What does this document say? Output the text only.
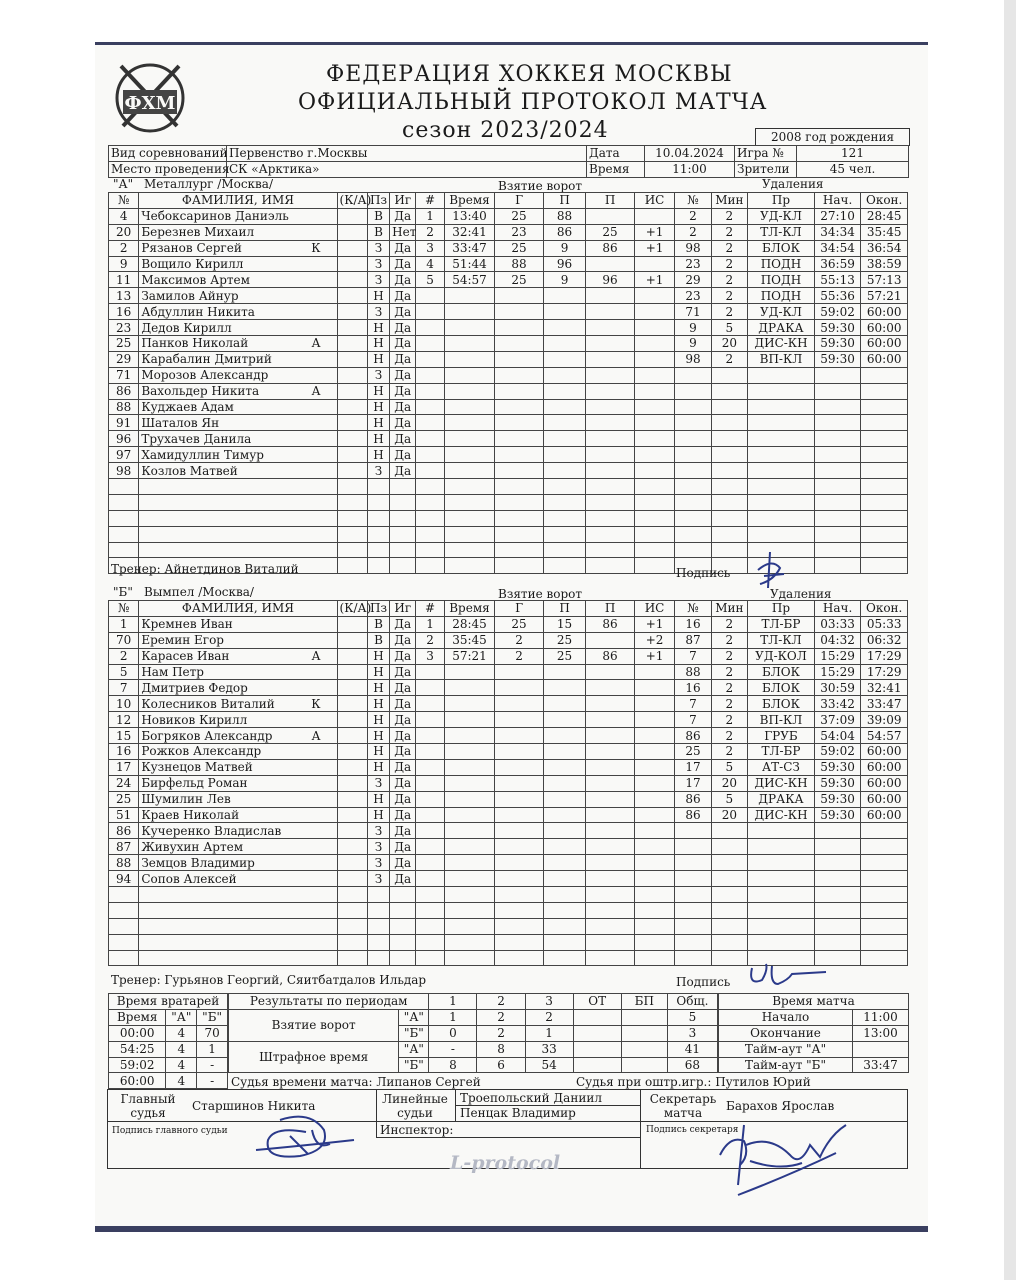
ФХМ
ФЕДЕРАЦИЯ ХОККЕЯ МОСКВЫ
ОФИЦИАЛЬНЫЙ ПРОТОКОЛ МАТЧА
сезон 2023/2024	2008 год рождения
Вид соревнований	Первенство г.Москвы	Дата	10.04.2024	Игра №	121
Место проведения	СК «Арктика»	Время	11:00	Зрители	45 чел.
"А" Металлург /Москва/	Взятие ворот	Удаления
№	ФАМИЛИЯ, ИМЯ	(К/А)	Пз	Иг	#	Время	Г	П	П	ИС	№	Мин	Пр	Нач.	Окон.
4	Чебоксаринов Даниэль		В	Да	1	13:40	25	88			2	2	УД-КЛ	27:10	28:45
20	Березнев Михаил		В	Нет	2	32:41	23	86	25	+1	2	2	ТЛ-КЛ	34:34	35:45
2	Рязанов Сергей К		З	Да	3	33:47	25	9	86	+1	98	2	БЛОК	34:54	36:54
9	Вощило Кирилл		З	Да	4	51:44	88	96			23	2	ПОДН	36:59	38:59
11	Максимов Артем		З	Да	5	54:57	25	9	96	+1	29	2	ПОДН	55:13	57:13
13	Замилов Айнур		Н	Да							23	2	ПОДН	55:36	57:21
16	Абдуллин Никита		З	Да							71	2	УД-КЛ	59:02	60:00
23	Дедов Кирилл		Н	Да							9	5	ДРАКА	59:30	60:00
25	Панков Николай А		Н	Да							9	20	ДИС-КН	59:30	60:00
29	Карабалин Дмитрий		Н	Да							98	2	ВП-КЛ	59:30	60:00
71	Морозов Александр		З	Да											
86	Вахольдер Никита А		Н	Да											
88	Куджаев Адам		Н	Да											
91	Шаталов Ян		Н	Да											
96	Трухачев Данила		Н	Да											
97	Хамидуллин Тимур		Н	Да											
98	Козлов Матвей		З	Да											

Тренер: Айнетдинов Виталий	Подпись
"Б" Вымпел /Москва/	Взятие ворот	Удаления
№	ФАМИЛИЯ, ИМЯ	(К/А)	Пз	Иг	#	Время	Г	П	П	ИС	№	Мин	Пр	Нач.	Окон.
1	Кремнев Иван		В	Да	1	28:45	25	15	86	+1	16	2	ТЛ-БР	03:33	05:33
70	Еремин Егор		В	Да	2	35:45	2	25		+2	87	2	ТЛ-КЛ	04:32	06:32
2	Карасев Иван А		Н	Да	3	57:21	2	25	86	+1	7	2	УД-КОЛ	15:29	17:29
5	Нам Петр		Н	Да							88	2	БЛОК	15:29	17:29
7	Дмитриев Федор		Н	Да							16	2	БЛОК	30:59	32:41
10	Колесников Виталий К		Н	Да							7	2	БЛОК	33:42	33:47
12	Новиков Кирилл		Н	Да							7	2	ВП-КЛ	37:09	39:09
15	Богряков Александр А		Н	Да							86	2	ГРУБ	54:04	54:57
16	Рожков Александр		Н	Да							25	2	ТЛ-БР	59:02	60:00
17	Кузнецов Матвей		Н	Да							17	5	АТ-СЗ	59:30	60:00
24	Бирфельд Роман		З	Да							17	20	ДИС-КН	59:30	60:00
25	Шумилин Лев		Н	Да							86	5	ДРАКА	59:30	60:00
51	Краев Николай		Н	Да							86	20	ДИС-КН	59:30	60:00
86	Кучеренко Владислав		З	Да											
87	Живухин Артем		З	Да											
88	Земцов Владимир		З	Да											
94	Сопов Алексей		З	Да											

Тренер: Гурьянов Георгий, Сяитбатдалов Ильдар	Подпись
Время вратарей		
Время	"А"	"Б"
00:00	4	70
54:25	4	1
59:02	4	-
60:00	4	-
Результаты по периодам		1	2	3	ОТ	БП	Общ.
Взятие ворот	"А"	1	2	2			5
	"Б"	0	2	1			3
Штрафное время	"А"	-	8	33			41
	"Б"	8	6	54			68
Время матча	
Начало	11:00
Окончание	13:00
Тайм-аут "А"	
Тайм-аут "Б"	33:47
Судья времени матча: Липанов Сергей	Судья при оштр.игр.: Путилов Юрий
Главный судья	Старшинов Никита	Линейные судьи
Троепольский Даниил
Пенцак Владимир
Секретарь матча	Барахов Ярослав
Подпись главного судьи	Инспектор:	Подпись секретаря
L-protocol
